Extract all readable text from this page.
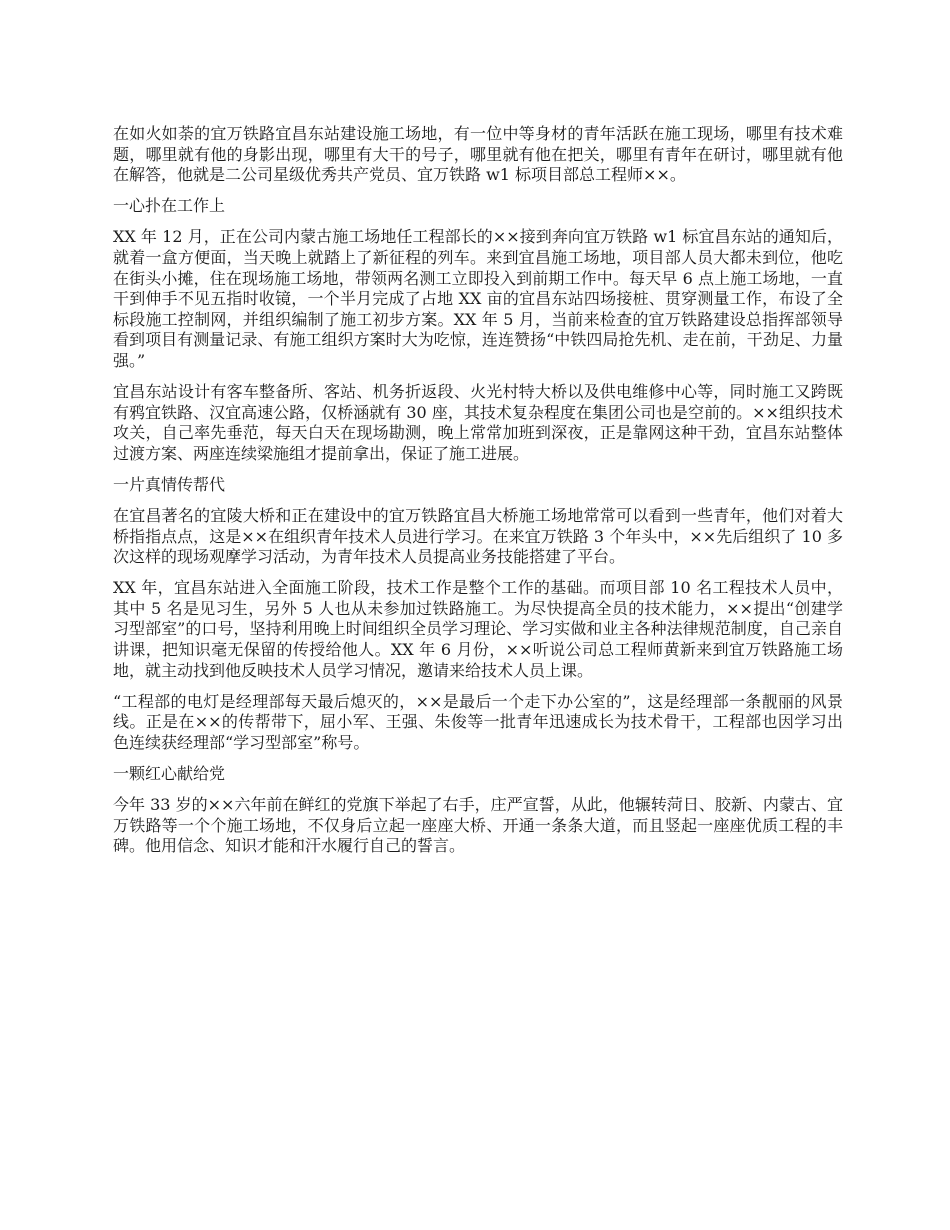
在如火如荼的宜万铁路宜昌东站建设施工场地，有一位中等身材的青年活跃在施工现场，哪里有技术难题，哪里就有他的身影出现，哪里有大干的号子，哪里就有他在把关，哪里有青年在研讨，哪里就有他在解答，他就是二公司星级优秀共产党员、宜万铁路 w1 标项目部总工程师××。

一心扑在工作上

XX 年 12 月，正在公司内蒙古施工场地任工程部长的××接到奔向宜万铁路 w1 标宜昌东站的通知后，就着一盒方便面，当天晚上就踏上了新征程的列车。来到宜昌施工场地，项目部人员大都未到位，他吃在街头小摊，住在现场施工场地，带领两名测工立即投入到前期工作中。每天早 6 点上施工场地，一直干到伸手不见五指时收镜，一个半月完成了占地 XX 亩的宜昌东站四场接桩、贯穿测量工作，布设了全标段施工控制网，并组织编制了施工初步方案。XX 年 5 月，当前来检查的宜万铁路建设总指挥部领导看到项目有测量记录、有施工组织方案时大为吃惊，连连赞扬“中铁四局抢先机、走在前，干劲足、力量强。”

宜昌东站设计有客车整备所、客站、机务折返段、火光村特大桥以及供电维修中心等，同时施工又跨既有鸦宜铁路、汉宜高速公路，仅桥涵就有 30 座，其技术复杂程度在集团公司也是空前的。××组织技术攻关，自己率先垂范，每天白天在现场勘测，晚上常常加班到深夜，正是靠网这种干劲，宜昌东站整体过渡方案、两座连续梁施组才提前拿出，保证了施工进展。

一片真情传帮代

在宜昌著名的宜陵大桥和正在建设中的宜万铁路宜昌大桥施工场地常常可以看到一些青年，他们对着大桥指指点点，这是××在组织青年技术人员进行学习。在来宜万铁路 3 个年头中，××先后组织了 10 多次这样的现场观摩学习活动，为青年技术人员提高业务技能搭建了平台。

XX 年，宜昌东站进入全面施工阶段，技术工作是整个工作的基础。而项目部 10 名工程技术人员中，其中 5 名是见习生，另外 5 人也从未参加过铁路施工。为尽快提高全员的技术能力，××提出“创建学习型部室”的口号，坚持利用晚上时间组织全员学习理论、学习实做和业主各种法律规范制度，自己亲自讲课，把知识毫无保留的传授给他人。XX 年 6 月份，××听说公司总工程师黄新来到宜万铁路施工场地，就主动找到他反映技术人员学习情况，邀请来给技术人员上课。

“工程部的电灯是经理部每天最后熄灭的，××是最后一个走下办公室的”，这是经理部一条靓丽的风景线。正是在××的传帮带下，屈小军、王强、朱俊等一批青年迅速成长为技术骨干，工程部也因学习出色连续获经理部“学习型部室”称号。

一颗红心献给党

今年 33 岁的××六年前在鲜红的党旗下举起了右手，庄严宣誓，从此，他辗转菏日、胶新、内蒙古、宜万铁路等一个个施工场地，不仅身后立起一座座大桥、开通一条条大道，而且竖起一座座优质工程的丰碑。他用信念、知识才能和汗水履行自己的誓言。
